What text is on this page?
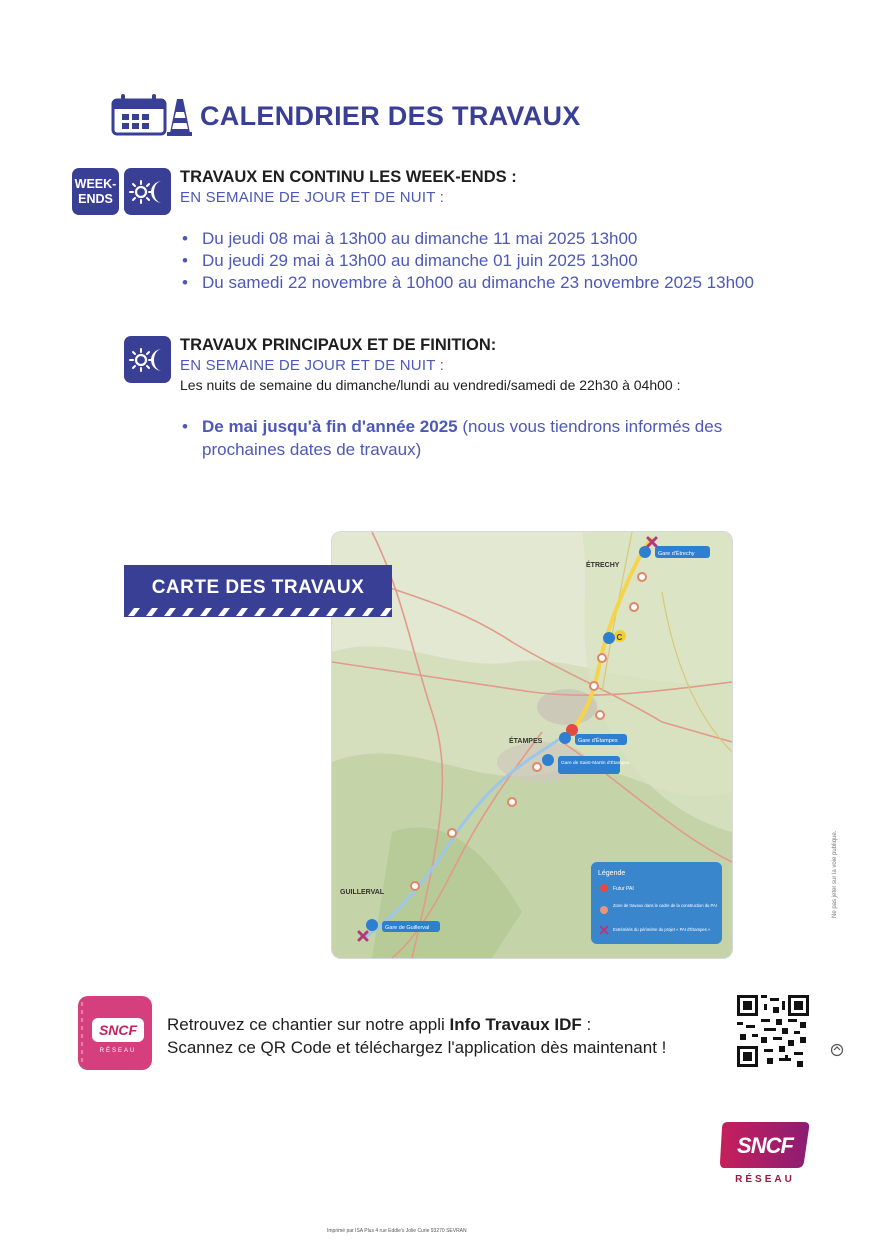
CALENDRIER DES TRAVAUX
WEEK-
ENDS
TRAVAUX EN CONTINU LES WEEK-ENDS :
EN SEMAINE DE JOUR ET DE NUIT :
• Du jeudi 08 mai à 13h00 au dimanche 11 mai 2025 13h00
• Du jeudi 29 mai à 13h00 au dimanche 01 juin 2025 13h00
• Du samedi 22 novembre à 10h00 au dimanche 23 novembre 2025 13h00
TRAVAUX PRINCIPAUX ET DE FINITION:
EN SEMAINE DE JOUR ET DE NUIT :
Les nuits de semaine du dimanche/lundi au vendredi/samedi de 22h30 à 04h00 :
• De mai jusqu'à fin d'année 2025 (nous vous tiendrons informés des prochaines dates de travaux)
C
Gare d'Étrechy
Gare d'Étampes
Gare de Saint-Martin d'Étampes
Gare de Guillerval
ÉTRECHY
ÉTAMPES
GUILLERVAL
Légende
Futur PAI
Zone de travaux dans le cadre de la construction du PAI
Extrémités du périmètre du projet « PAI d'Étampes »
CARTE DES TRAVAUX
SNCF
RÉSEAU
Retrouvez ce chantier sur notre appli Info Travaux IDF :
Scannez ce QR Code et téléchargez l'application dès maintenant !
Ne pas jeter sur la voie publique.
SNCF
RÉSEAU
Imprimé par ISA Plus 4 rue Eddie's Jolie Curie 93270 SEVRAN
